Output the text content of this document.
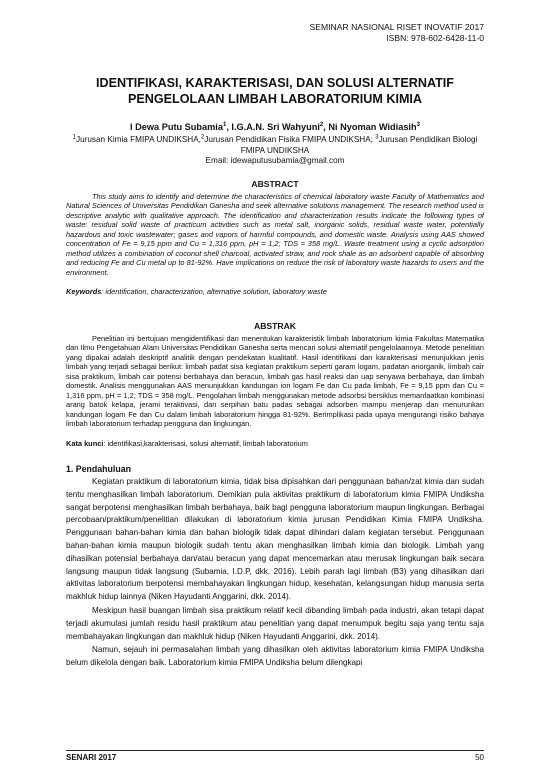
SEMINAR NASIONAL RISET INOVATIF 2017
ISBN: 978-602-6428-11-0
IDENTIFIKASI, KARAKTERISASI, DAN SOLUSI ALTERNATIF
PENGELOLAAN LIMBAH LABORATORIUM KIMIA
I Dewa Putu Subamia$^1$, I.G.A.N. Sri Wahyuni$^2$, Ni Nyoman Widiasih$^3$
$^1$Jurusan Kimia FMIPA UNDIKSHA,$^2$Jurusan Pendidikan Fisika FMIPA UNDIKSHA; $^3$Jurusan Pendidikan Biologi
FMIPA UNDIKSHA
Email: idewaputusubamia@gmail.com
ABSTRACT

This study aims to identify and determine the characteristics of chemical laboratory waste Faculty of Mathematics and Natural Sciences of Universitas Pendidikan Ganesha and seek alternative solutions management. The research method used is descriptive analytic with qualitative approach. The identification and characterization results indicate the following types of waste: residual solid waste of practicum activities such as metal salt, inorganic solids, residual waste water, potentially hazardous and toxic wastewater; gases and vapors of harmful compounds, and domestic waste. Analysis using AAS showed concentration of Fe = 9,15 ppm and Cu = 1,316 ppm, pH = 1,2; TDS = 358 mg/L. Waste treatment using a cyclic adsorption method utilizes a combination of coconut shell charcoal, activated straw, and rock shale as an adsorbent capable of absorbing and reducing Fe and Cu metal up to 81-92%. Have implications on reduce the risk of laboratory waste hazards to users and the environment.

Keywords: identification, characterization, alternative solution, laboratory waste
ABSTRAK

Penelitian ini bertujuan mengidentifikasi dan menentukan karakteristik limbah laboratorium kimia Fakultas Matematika dan Ilmu Pengetahuan Alam Universitas Pendidikan Ganesha serta mencari solusi alternatif pengelolaannya. Metode penelitian yang dipakai adalah deskriptif analitik dengan pendekatan kualitatif. Hasil identifikasi dan karakterisasi menunjukkan jenis limbah yang terjadi sebagai berikut: limbah padat sisa kegiatan praktikum seperti garam logam, padatan anorganik, limbah cair sisa praktikum, limbah cair potensi berbahaya dan beracun, limbah gas hasil reaksi dan uap senyawa berbahaya, dan limbah domestik. Analisis menggunakan AAS menunjukkan kandungan ion logam Fe dan Cu pada limbah, Fe = 9,15 ppm dan Cu = 1,316 ppm, pH = 1,2; TDS = 358 mg/L. Pengolahan limbah menggunakan metode adsorbsi bersiklus memanfaatkan kombinasi arang batok kelapa, jerami teraktivasi, dan serpihan batu padas sebagai adsorben mampu menjerap dan menurunkan kandungan logam Fe dan Cu dalam limbah laboratorium hingga 81-92%. Berimplikasi pada upaya mengurangi risiko bahaya limbah laboratorium terhadap pengguna dan lingkungan.

Kata kunci: identifikasi,karakterisasi, solusi alternatif, limbah laboratorium
1. Pendahuluan

Kegiatan praktikum di laboratorium kimia, tidak bisa dipisahkan dari penggunaan bahan/zat kimia dan sudah tentu menghasilkan limbah laboratorium. Demikian pula aktivitas praktikum di laboratorium kimia FMIPA Undiksha sangat berpotensi menghasilkan limbah berbahaya, baik bagi pengguna laboratorium maupun lingkungan. Berbagai percobaan/praktikum/penelitian dilakukan di laboratorium kimia jurusan Pendidikan Kimia FMIPA Undiksha. Penggunaan bahan-bahan kimia dan bahan biologik tidak dapat dihindari dalam kegiatan tersebut. Penggunaan bahan-bahan kimia maupun biologik sudah tentu akan menghasilkan limbah kimia dan biologik. Limbah yang dihasilkan potensial berbahaya dan/atau beracun yang dapat mencemarkan atau merusak lingkungan baik secara langsung maupun tidak langsung (Subamia, I.D.P, dkk. 2016). Lebih parah lagi limbah (B3) yang dihasilkan dari aktivitas laboratorium berpotensi membahayakan lingkungan hidup, kesehatan, kelangsungan hidup manusia serta makhluk hidup lainnya (Niken Hayudanti Anggarini, dkk. 2014).

Meskipun hasil buangan limbah sisa praktikum relatif kecil dibanding limbah pada industri, akan tetapi dapat terjadi akumulasi jumlah residu hasil praktikum atau penelitian yang dapat menumpuk begitu saja yang tentu saja membahayakan lingkungan dan makhluk hidup (Niken Hayudanti Anggarini, dkk. 2014).

Namun, sejauh ini permasalahan limbah yang dihasilkan oleh aktivitas laboratorium kimia FMIPA Undiksha belum dikelola dengan baik. Laboratorium kimia FMIPA Undiksha belum dilengkapi

SENARI 2017	50
